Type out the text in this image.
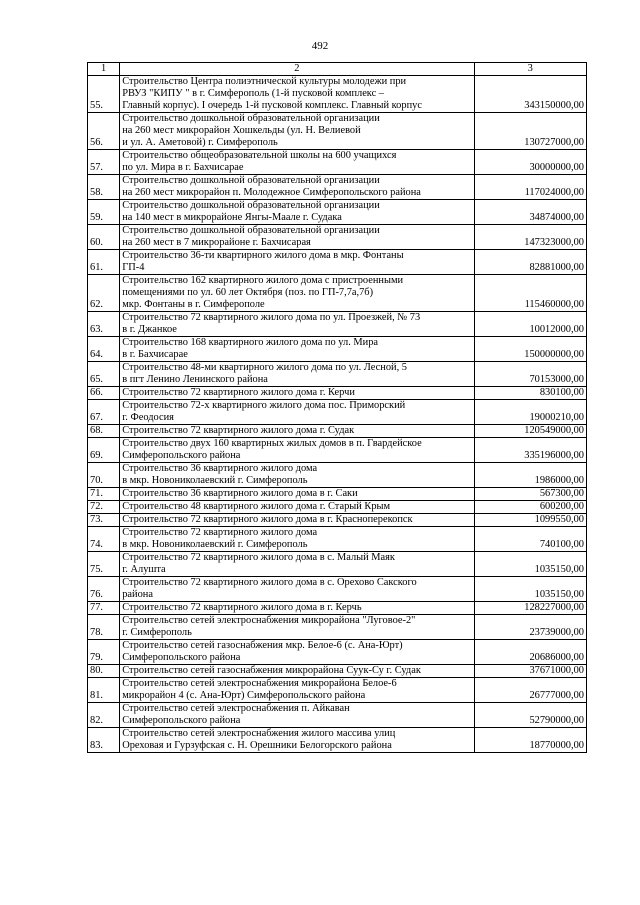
492
1	2	3
55.	Строительство Центра полиэтнической культуры молодежи при
РВУЗ "КИПУ " в г. Симферополь (1-й пусковой комплекс –
Главный корпус). I очередь 1-й пусковой комплекс. Главный корпус	343150000,00
56.	Строительство дошкольной образовательной организации
на 260 мест микрорайон Хошкельды (ул. Н. Велиевой
и ул. А. Аметовой) г. Симферополь	130727000,00
57.	Строительство общеобразовательной школы на 600 учащихся
по ул. Мира в г. Бахчисарае	30000000,00
58.	Строительство дошкольной образовательной организации
на 260 мест микрорайон п. Молодежное Симферопольского района	117024000,00
59.	Строительство дошкольной образовательной организации
на 140 мест в микрорайоне Янгы-Маале г. Судака	34874000,00
60.	Строительство дошкольной образовательной организации
на 260 мест в 7 микрорайоне г. Бахчисарая	147323000,00
61.	Строительство 36-ти квартирного жилого дома в мкр. Фонтаны
ГП-4	82881000,00
62.	Строительство 162 квартирного жилого дома с пристроенными
помещениями по ул. 60 лет Октября (поз. по ГП-7,7а,7б)
мкр. Фонтаны в г. Симферополе	115460000,00
63.	Строительство 72 квартирного жилого дома по ул. Проезжей, № 73
в г. Джанкое	10012000,00
64.	Строительство 168 квартирного жилого дома по ул. Мира
в г. Бахчисарае	150000000,00
65.	Строительство 48-ми квартирного жилого дома по ул. Лесной, 5
в пгт Ленино Ленинского района	70153000,00
66.	Строительство 72 квартирного жилого дома г. Керчи	830100,00
67.	Строительство 72-х квартирного жилого дома пос. Приморский
г. Феодосия	19000210,00
68.	Строительство 72 квартирного жилого дома г. Судак	120549000,00
69.	Строительство двух 160 квартирных жилых домов в п. Гвардейское
Симферопольского района	335196000,00
70.	Строительство 36 квартирного жилого дома
в мкр. Новониколаевский г. Симферополь	1986000,00
71.	Строительство 36 квартирного жилого дома в г. Саки	567300,00
72.	Строительство 48 квартирного жилого дома г. Старый Крым	600200,00
73.	Строительство 72 квартирного жилого дома в г. Красноперекопск	1099550,00
74.	Строительство 72 квартирного жилого дома
в мкр. Новониколаевский г. Симферополь	740100,00
75.	Строительство 72 квартирного жилого дома в с. Малый Маяк
г. Алушта	1035150,00
76.	Строительство 72 квартирного жилого дома в с. Орехово Сакского
района	1035150,00
77.	Строительство 72 квартирного жилого дома в г. Керчь	128227000,00
78.	Строительство сетей электроснабжения микрорайона "Луговое-2"
г. Симферополь	23739000,00
79.	Строительство сетей газоснабжения мкр. Белое-6 (с. Ана-Юрт)
Симферопольского района	20686000,00
80.	Строительство сетей газоснабжения микрорайона Суук-Су г. Судак	37671000,00
81.	Строительство сетей электроснабжения микрорайона Белое-6
микрорайон 4 (с. Ана-Юрт) Симферопольского района	26777000,00
82.	Строительство сетей электроснабжения п. Айкаван
Симферопольского района	52790000,00
83.	Строительство сетей электроснабжения жилого массива улиц
Ореховая и Гурзуфская с. Н. Орешники Белогорского района	18770000,00
